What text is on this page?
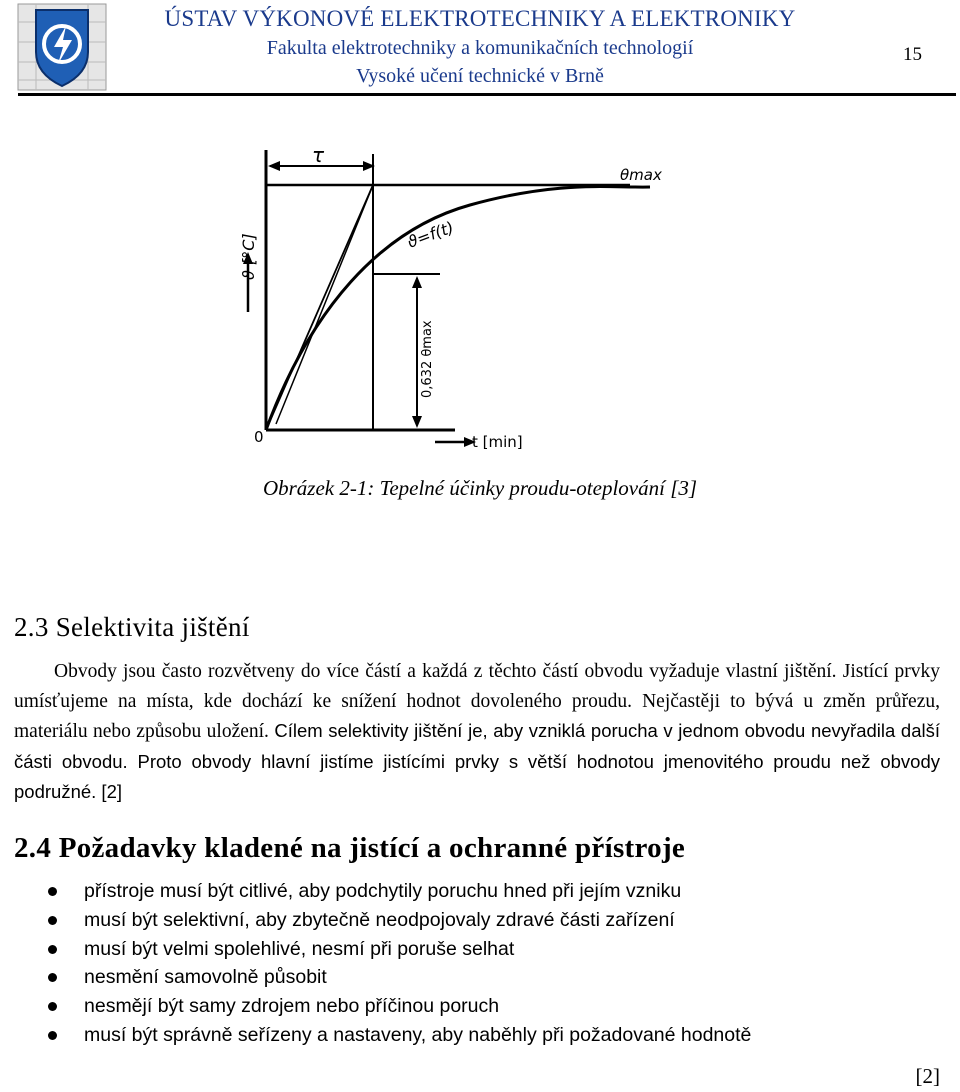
ÚSTAV VÝKONOVÉ ELEKTROTECHNIKY A ELEKTRONIKY
Fakulta elektrotechniky a komunikačních technologií
Vysoké učení technické v Brně
15
τ
θmax
ϑ=f(t)
ϑ [°C]
t [min]
0
0,632 θmax
Obrázek 2-1: Tepelné účinky proudu-oteplování [3]
2.3 Selektivita jištění

Obvody jsou často rozvětveny do více částí a každá z těchto částí obvodu vyžaduje vlastní jištění. Jistící prvky umísťujeme na místa, kde dochází ke snížení hodnot dovoleného proudu. Nejčastěji to bývá u změn průřezu, materiálu nebo způsobu uložení. Cílem selektivity jištění je, aby vzniklá porucha v jednom obvodu nevyřadila další části obvodu. Proto obvody hlavní jistíme jistícími prvky s větší hodnotou jmenovitého proudu než obvody podružné. [2]

2.4 Požadavky kladené na jistící a ochranné přístroje
přístroje musí být citlivé, aby podchytily poruchu hned při jejím vzniku
musí být selektivní, aby zbytečně neodpojovaly zdravé části zařízení
musí být velmi spolehlivé, nesmí při poruše selhat
nesmění samovolně působit
nesmějí být samy zdrojem nebo příčinou poruch
musí být správně seřízeny a nastaveny, aby naběhly při požadované hodnotě
[2]
